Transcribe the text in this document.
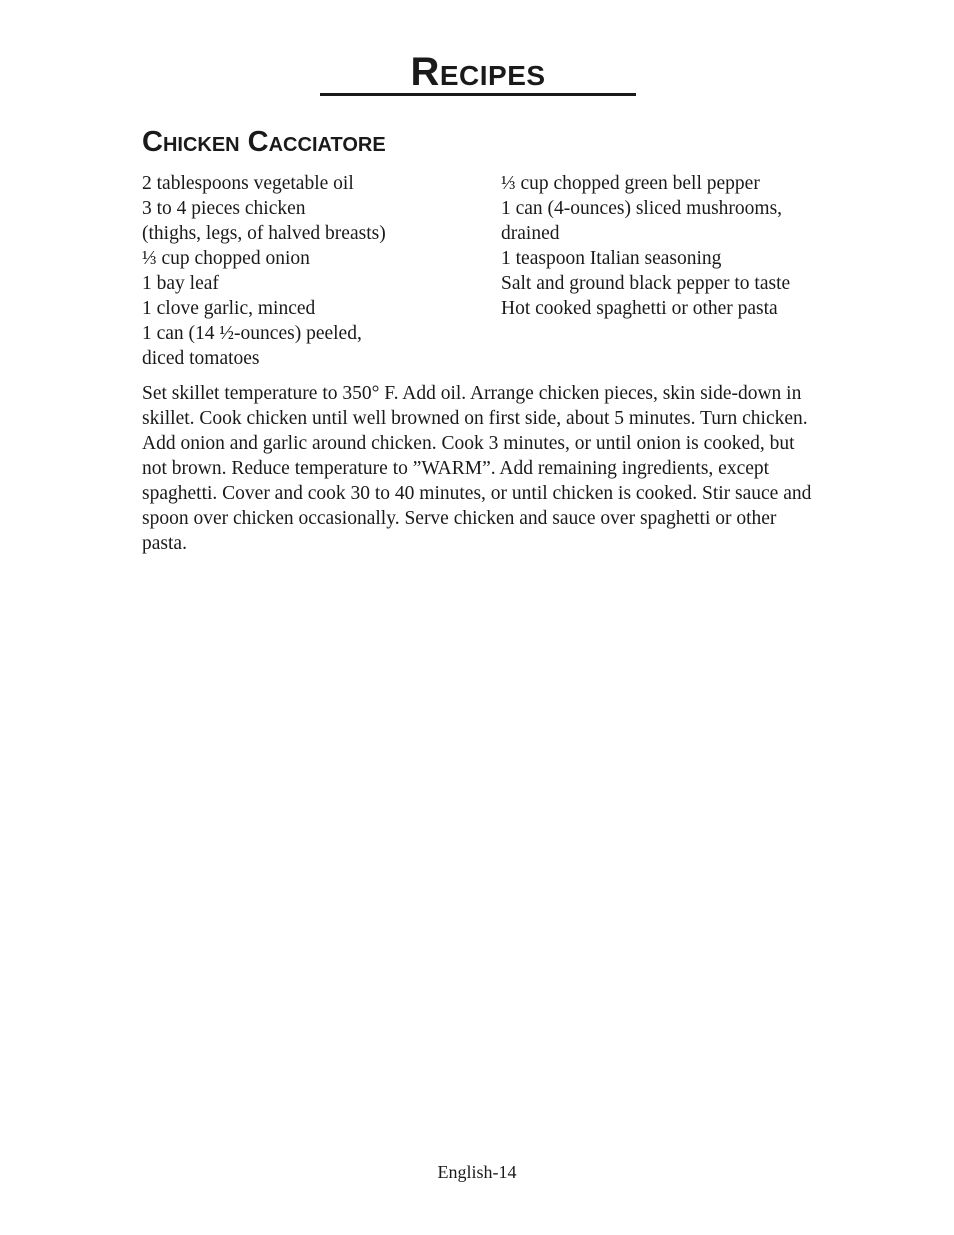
Recipes
Chicken Cacciatore
2 tablespoons vegetable oil
3 to 4 pieces chicken
(thighs, legs, of halved breasts)
⅓ cup chopped onion
1 bay leaf
1 clove garlic, minced
1 can (14 ½-ounces) peeled,
diced tomatoes
⅓ cup chopped green bell pepper
1 can (4-ounces) sliced mushrooms,
drained
1 teaspoon Italian seasoning
Salt and ground black pepper to taste
Hot cooked spaghetti or other pasta

Set skillet temperature to 350° F. Add oil. Arrange chicken pieces, skin side-down in skillet. Cook chicken until well browned on first side, about 5 minutes. Turn chicken. Add onion and garlic around chicken. Cook 3 minutes, or until onion is cooked, but not brown. Reduce temperature to ”WARM”. Add remaining ingredients, except spaghetti. Cover and cook 30 to 40 minutes, or until chicken is cooked. Stir sauce and spoon over chicken occasionally. Serve chicken and sauce over spaghetti or other pasta.

English-14
